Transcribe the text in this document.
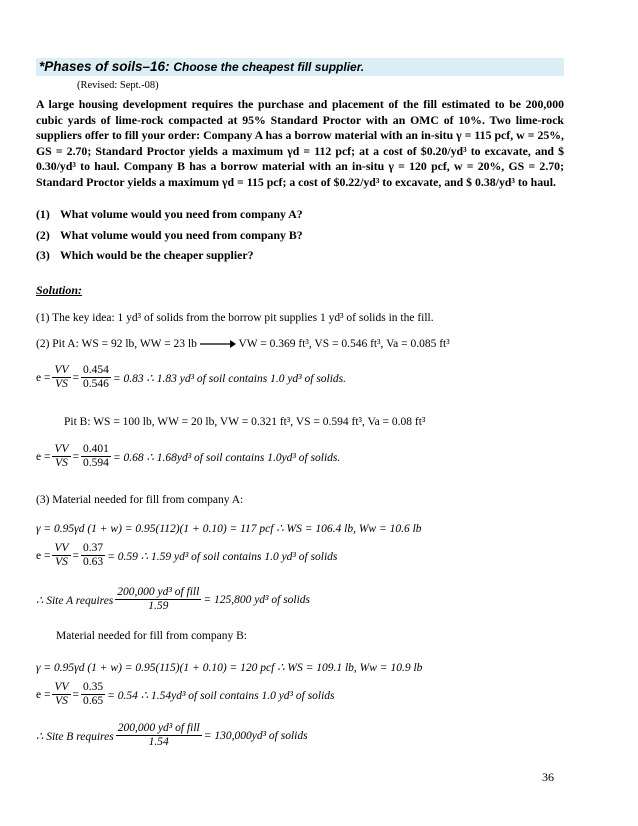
*Phases of soils–16: Choose the cheapest fill supplier.
(Revised: Sept.-08)
A large housing development requires the purchase and placement of the fill estimated to be 200,000 cubic yards of lime-rock compacted at 95% Standard Proctor with an OMC of 10%. Two lime-rock suppliers offer to fill your order: Company A has a borrow material with an in-situ γ = 115 pcf, w = 25%, GS = 2.70; Standard Proctor yields a maximum γd = 112 pcf; at a cost of $0.20/yd³ to excavate, and $ 0.30/yd³ to haul. Company B has a borrow material with an in-situ γ = 120 pcf, w = 20%, GS = 2.70; Standard Proctor yields a maximum γd = 115 pcf; a cost of $0.22/yd³ to excavate, and $ 0.38/yd³ to haul.
(1) What volume would you need from company A?
(2) What volume would you need from company B?
(3) Which would be the cheaper supplier?
Solution:
(1) The key idea: 1 yd³ of solids from the borrow pit supplies 1 yd³ of solids in the fill.
(2) Pit A: WS = 92 lb, WW = 23 lb	VW = 0.369 ft³, VS = 0.546 ft³, Va = 0.085 ft³
$e = \frac{VV}{VS} = \frac{0.454}{0.546} = 0.83$ ∴ 1.83 yd³ of soil contains 1.0 yd³ of solids.
Pit B: WS = 100 lb, WW = 20 lb, VW = 0.321 ft³, VS = 0.594 ft³, Va = 0.08 ft³
$e = \frac{VV}{VS} = \frac{0.401}{0.594} = 0.68$ ∴ 1.68yd³ of soil contains 1.0yd³ of solids.
(3) Material needed for fill from company A:
γ = 0.95γd (1 + w) = 0.95(112)(1 + 0.10) = 117 pcf ∴ WS = 106.4 lb, Ww = 10.6 lb
$e = \frac{VV}{VS} = \frac{0.37}{0.63} = 0.59$ ∴ 1.59 yd³ of soil contains 1.0 yd³ of solids
∴ Site A requires $\frac{\text{200,000 yd³ of fill}}{1.59} = 125,800$ yd³ of solids
Material needed for fill from company B:
γ = 0.95γd (1 + w) = 0.95(115)(1 + 0.10) = 120 pcf ∴ WS = 109.1 lb, Ww = 10.9 lb
$e = \frac{VV}{VS} = \frac{0.35}{0.65} = 0.54$ ∴ 1.54yd³ of soil contains 1.0 yd³ of solids
∴ Site B requires $\frac{\text{200,000 yd³ of fill}}{1.54} = 130,000yd^3$ of solids
36
